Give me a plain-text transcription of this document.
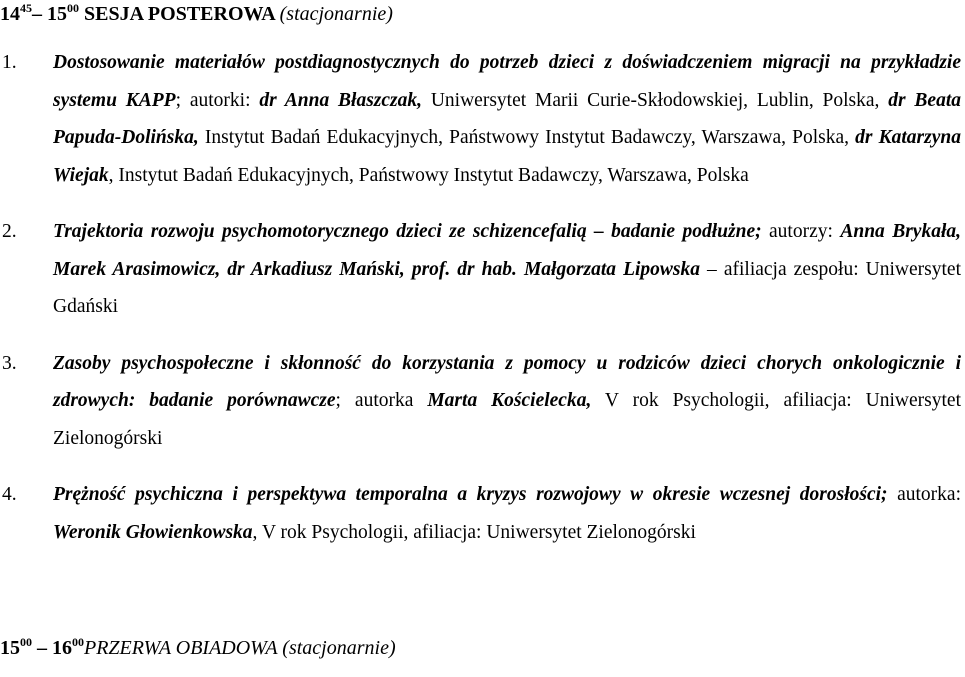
$14^{45}-$ $15^{00}$ SESJA POSTEROWA (stacjonarnie)
1. Dostosowanie materiałów postdiagnostycznych do potrzeb dzieci z doświadczeniem migracji na przykładzie systemu KAPP; autorki: dr Anna Błaszczak, Uniwersytet Marii Curie-Skłodowskiej, Lublin, Polska, dr Beata Papuda-Dolińska, Instytut Badań Edukacyjnych, Państwowy Instytut Badawczy, Warszawa, Polska, dr Katarzyna Wiejak, Instytut Badań Edukacyjnych, Państwowy Instytut Badawczy, Warszawa, Polska

2. Trajektoria rozwoju psychomotorycznego dzieci ze schizencefalią – badanie podłużne; autorzy: Anna Brykała, Marek Arasimowicz, dr Arkadiusz Mański, prof. dr hab. Małgorzata Lipowska – afiliacja zespołu: Uniwersytet Gdański

3. Zasoby psychospołeczne i skłonność do korzystania z pomocy u rodziców dzieci chorych onkologicznie i zdrowych: badanie porównawcze; autorka Marta Kościelecka, V rok Psychologii, afiliacja: Uniwersytet Zielonogórski

4. Prężność psychiczna i perspektywa temporalna a kryzys rozwojowy w okresie wczesnej dorosłości; autorka: Weronik Głowienkowska, V rok Psychologii, afiliacja: Uniwersytet Zielonogórski

$15^{00}$ – $16^{00}PRZERWA$ OBIADOWA (stacjonarnie)
